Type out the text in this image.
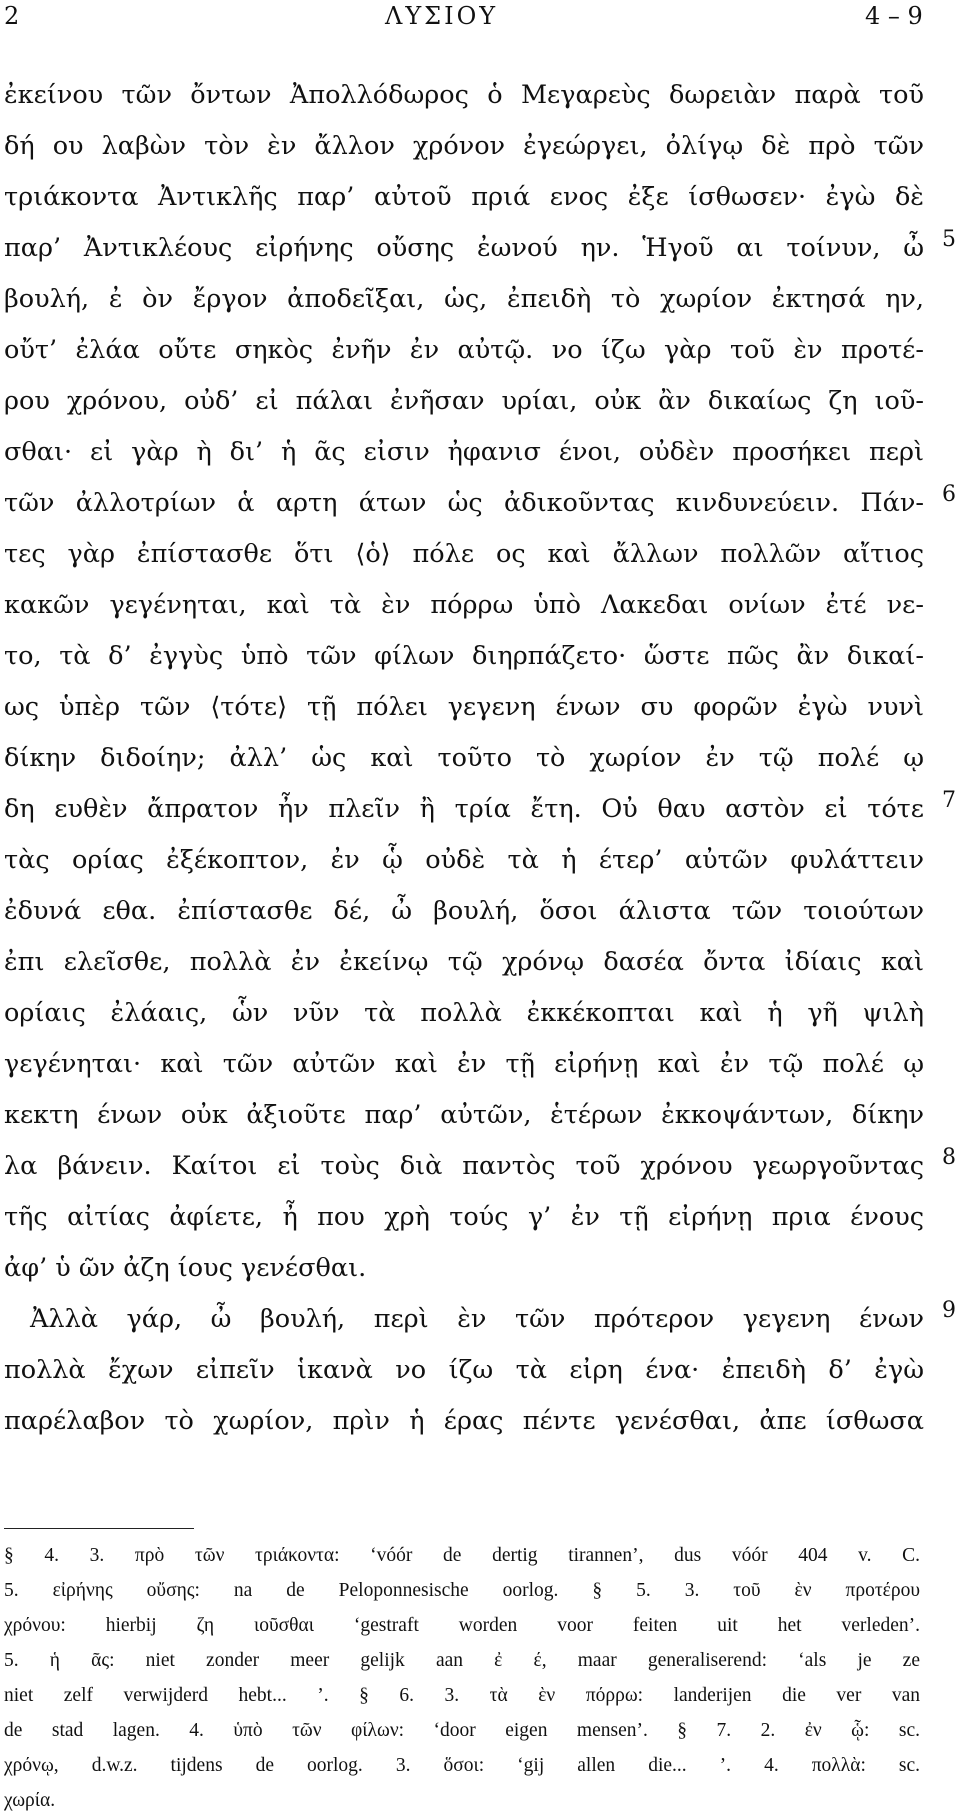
2	ΛΥΣΙΟΥ	4 – 9
ἐκείνου τῶν ὄντων Ἀπολλόδωρος ὁ Μεγαρεὺς δωρειὰν παρὰ τοῦ
δή ου λαβὼν τὸν ὲν ἄλλον χρόνον ἐγεώργει, ὀλίγῳ δὲ πρὸ τῶν
τριάκοντα Ἀντικλῆς παρ’ αὐτοῦ πριά ενος ἐξε ίσθωσεν· ἐγὼ δὲ
παρ’ Ἀντικλέους εἰρήνης οὔσης ἐωνού ην. Ἡγοῦ αι τοίνυν, ὦ
βουλή, ἐ ὸν ἔργον ἀποδεῖξαι, ὡς, ἐπειδὴ τὸ χωρίον ἐκτησά ην,
οὔτ’ ἐλάα οὔτε σηκὸς ἐνῆν ἐν αὐτῷ. νο ίζω γὰρ τοῦ ὲν προτέ-
ρου χρόνου, οὐδ’ εἰ πάλαι ἐνῆσαν υρίαι, οὐκ ἂν δικαίως ζη ιοῦ-
σθαι· εἰ γὰρ ὴ δι’ ἡ ᾶς εἰσιν ἠφανισ ένοι, οὐδὲν προσήκει περὶ
τῶν ἀλλοτρίων ἁ αρτη άτων ὡς ἀδικοῦντας κινδυνεύειν. Πάν-
τες γὰρ ἐπίστασθε ὅτι ⟨ὁ⟩ πόλε ος καὶ ἄλλων πολλῶν αἴτιος
κακῶν γεγένηται, καὶ τὰ ὲν πόρρω ὑπὸ Λακεδαι ονίων ἐτέ νε-
το, τὰ δ’ ἐγγὺς ὑπὸ τῶν φίλων διηρπάζετο· ὥστε πῶς ἂν δικαί-
ως ὑπὲρ τῶν ⟨τότε⟩ τῇ πόλει γεγενη ένων συ φορῶν ἐγὼ νυνὶ
δίκην διδοίην; ἀλλ’ ὡς καὶ τοῦτο τὸ χωρίον ἐν τῷ πολέ ῳ
δη ευθὲν ἄπρατον ἦν πλεῖν ἢ τρία ἔτη. Οὐ θαυ αστὸν εἰ τότε
τὰς ορίας ἐξέκοπτον, ἐν ᾧ οὐδὲ τὰ ἡ έτερ’ αὐτῶν φυλάττειν
ἐδυνά εθα. ἐπίστασθε δέ, ὦ βουλή, ὅσοι άλιστα τῶν τοιούτων
ἐπι ελεῖσθε, πολλὰ ἐν ἐκείνῳ τῷ χρόνῳ δασέα ὄντα ἰδίαις καὶ
ορίαις ἐλάαις, ὧν νῦν τὰ πολλὰ ἐκκέκοπται καὶ ἡ γῆ ψιλὴ
γεγένηται· καὶ τῶν αὐτῶν καὶ ἐν τῇ εἰρήνῃ καὶ ἐν τῷ πολέ ῳ
κεκτη ένων οὐκ ἀξιοῦτε παρ’ αὐτῶν, ἑτέρων ἐκκοψάντων, δίκην
λα βάνειν. Καίτοι εἰ τοὺς διὰ παντὸς τοῦ χρόνου γεωργοῦντας
τῆς αἰτίας ἀφίετε, ἦ που χρὴ τούς γ’ ἐν τῇ εἰρήνῃ πρια ένους
ἀφ’ ὑ ῶν ἀζη ίους γενέσθαι.
Ἀλλὰ γάρ, ὦ βουλή, περὶ ὲν τῶν πρότερον γεγενη ένων
πολλὰ ἔχων εἰπεῖν ἱκανὰ νο ίζω τὰ εἰρη ένα· ἐπειδὴ δ’ ἐγὼ
παρέλαβον τὸ χωρίον, πρὶν ἡ έρας πέντε γενέσθαι, ἀπε ίσθωσα
5
6
7
8
9
§ 4. 3. πρὸ τῶν τριάκοντα: ‘vóór de dertig tirannen’, dus vóór 404 v. C.
5. εἰρήνης οὔσης: na de Peloponnesische oorlog. § 5. 3. τοῦ ὲν προτέρου
χρόνου: hierbij ζη ιοῦσθαι ‘gestraft worden voor feiten uit het verleden’.
5. ἡ ᾶς: niet zonder meer gelijk aan ἐ έ, maar generaliserend: ‘als je ze
niet zelf verwijderd hebt... ’. § 6. 3. τὰ ὲν πόρρω: landerijen die ver van
de stad lagen. 4. ὑπὸ τῶν φίλων: ‘door eigen mensen’. § 7. 2. ἐν ᾧ: sc.
χρόνῳ, d.w.z. tijdens de oorlog. 3. ὅσοι: ‘gij allen die... ’. 4. πολλὰ: sc.
χωρία.
